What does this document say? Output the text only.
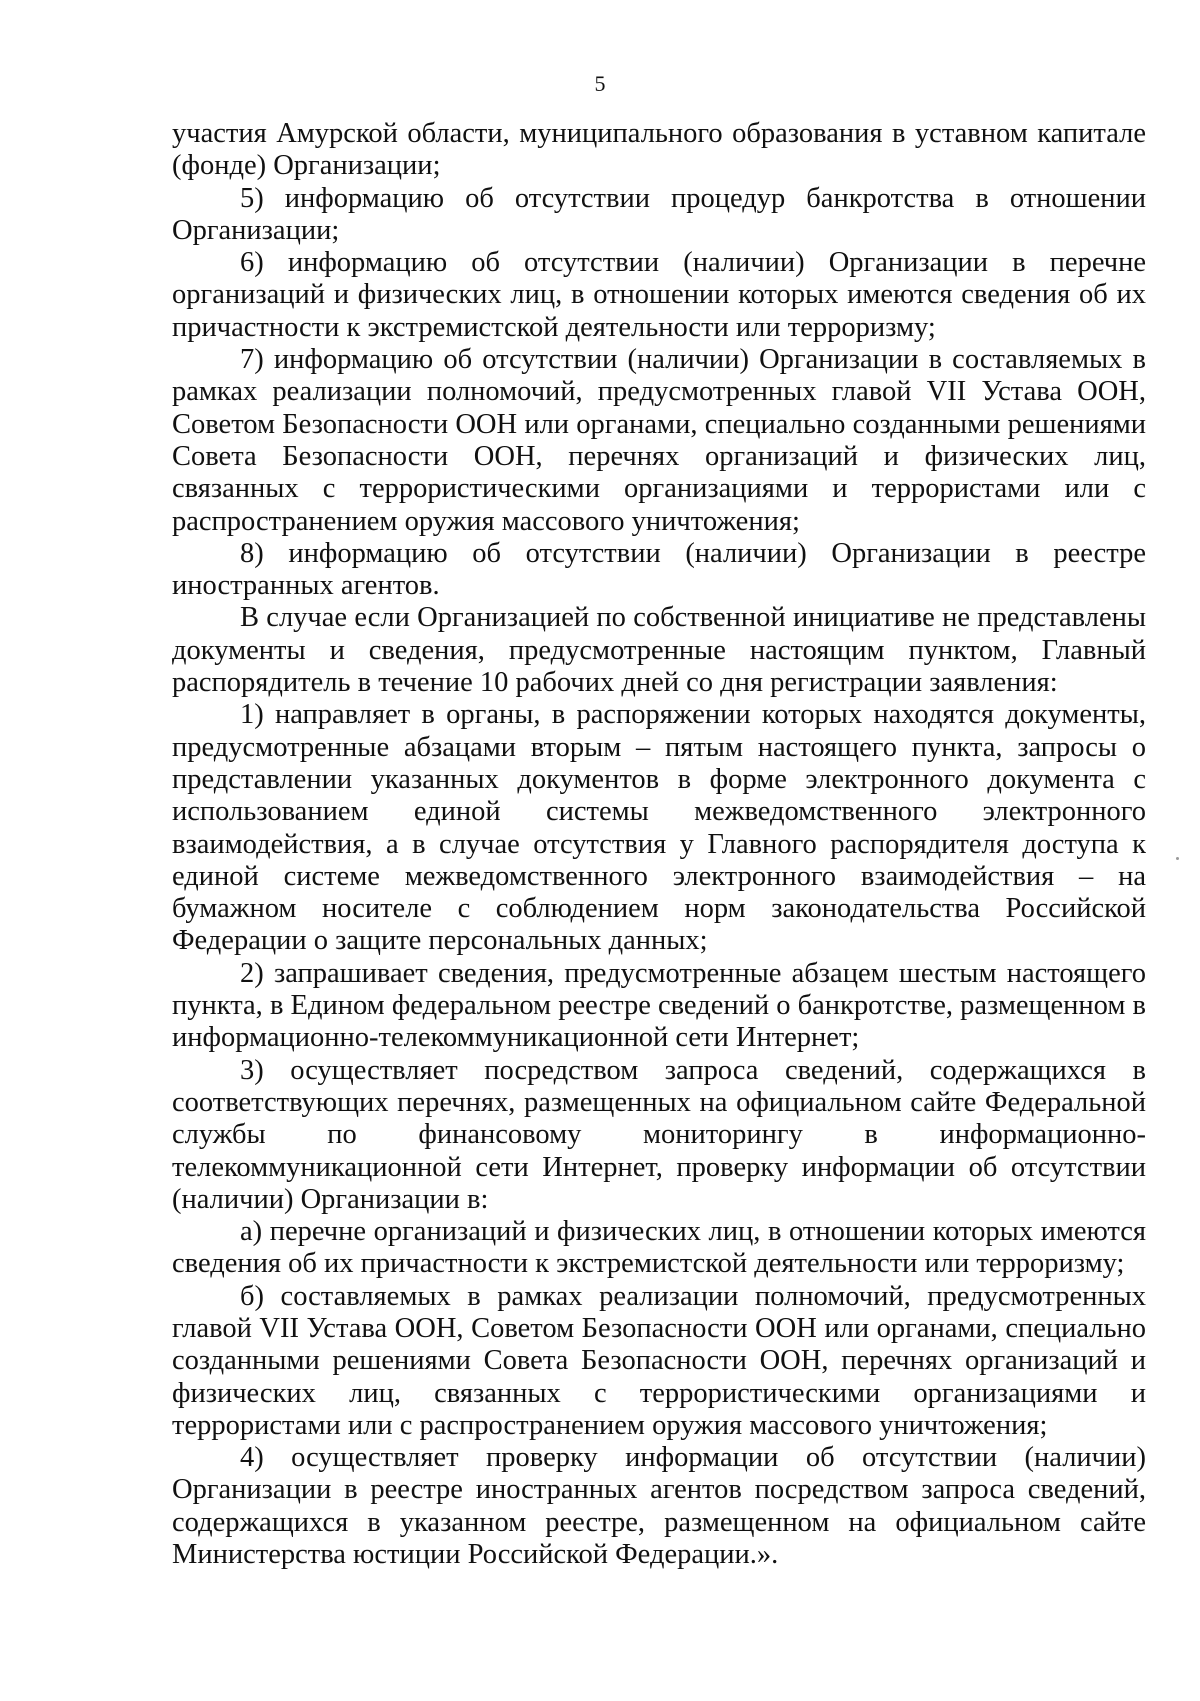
5

участия Амурской области, муниципального образования в уставном капитале (фонде) Организации;

5) информацию об отсутствии процедур банкротства в отношении Организации;

6) информацию об отсутствии (наличии) Организации в перечне организаций и физических лиц, в отношении которых имеются сведения об их причастности к экстремистской деятельности или терроризму;

7) информацию об отсутствии (наличии) Организации в составляемых в рамках реализации полномочий, предусмотренных главой VII Устава ООН, Советом Безопасности ООН или органами, специально созданными решениями Совета Безопасности ООН, перечнях организаций и физических лиц, связанных с террористическими организациями и террористами или с распространением оружия массового уничтожения;

8) информацию об отсутствии (наличии) Организации в реестре иностранных агентов.

В случае если Организацией по собственной инициативе не представлены документы и сведения, предусмотренные настоящим пунктом, Главный распорядитель в течение 10 рабочих дней со дня регистрации заявления:

1) направляет в органы, в распоряжении которых находятся документы, предусмотренные абзацами вторым – пятым настоящего пункта, запросы о представлении указанных документов в форме электронного документа с использованием единой системы межведомственного электронного взаимодействия, а в случае отсутствия у Главного распорядителя доступа к единой системе межведомственного электронного взаимодействия – на бумажном носителе с соблюдением норм законодательства Российской Федерации о защите персональных данных;

2) запрашивает сведения, предусмотренные абзацем шестым настоящего пункта, в Едином федеральном реестре сведений о банкротстве, размещенном в информационно-телекоммуникационной сети Интернет;

3) осуществляет посредством запроса сведений, содержащихся в соответствующих перечнях, размещенных на официальном сайте Федеральной службы по финансовому мониторингу в информационно-телекоммуникационной сети Интернет, проверку информации об отсутствии (наличии) Организации в:

а) перечне организаций и физических лиц, в отношении которых имеются сведения об их причастности к экстремистской деятельности или терроризму;

б) составляемых в рамках реализации полномочий, предусмотренных главой VII Устава ООН, Советом Безопасности ООН или органами, специально созданными решениями Совета Безопасности ООН, перечнях организаций и физических лиц, связанных с террористическими организациями и террористами или с распространением оружия массового уничтожения;

4) осуществляет проверку информации об отсутствии (наличии) Организации в реестре иностранных агентов посредством запроса сведений, содержащихся в указанном реестре, размещенном на официальном сайте Министерства юстиции Российской Федерации.».
